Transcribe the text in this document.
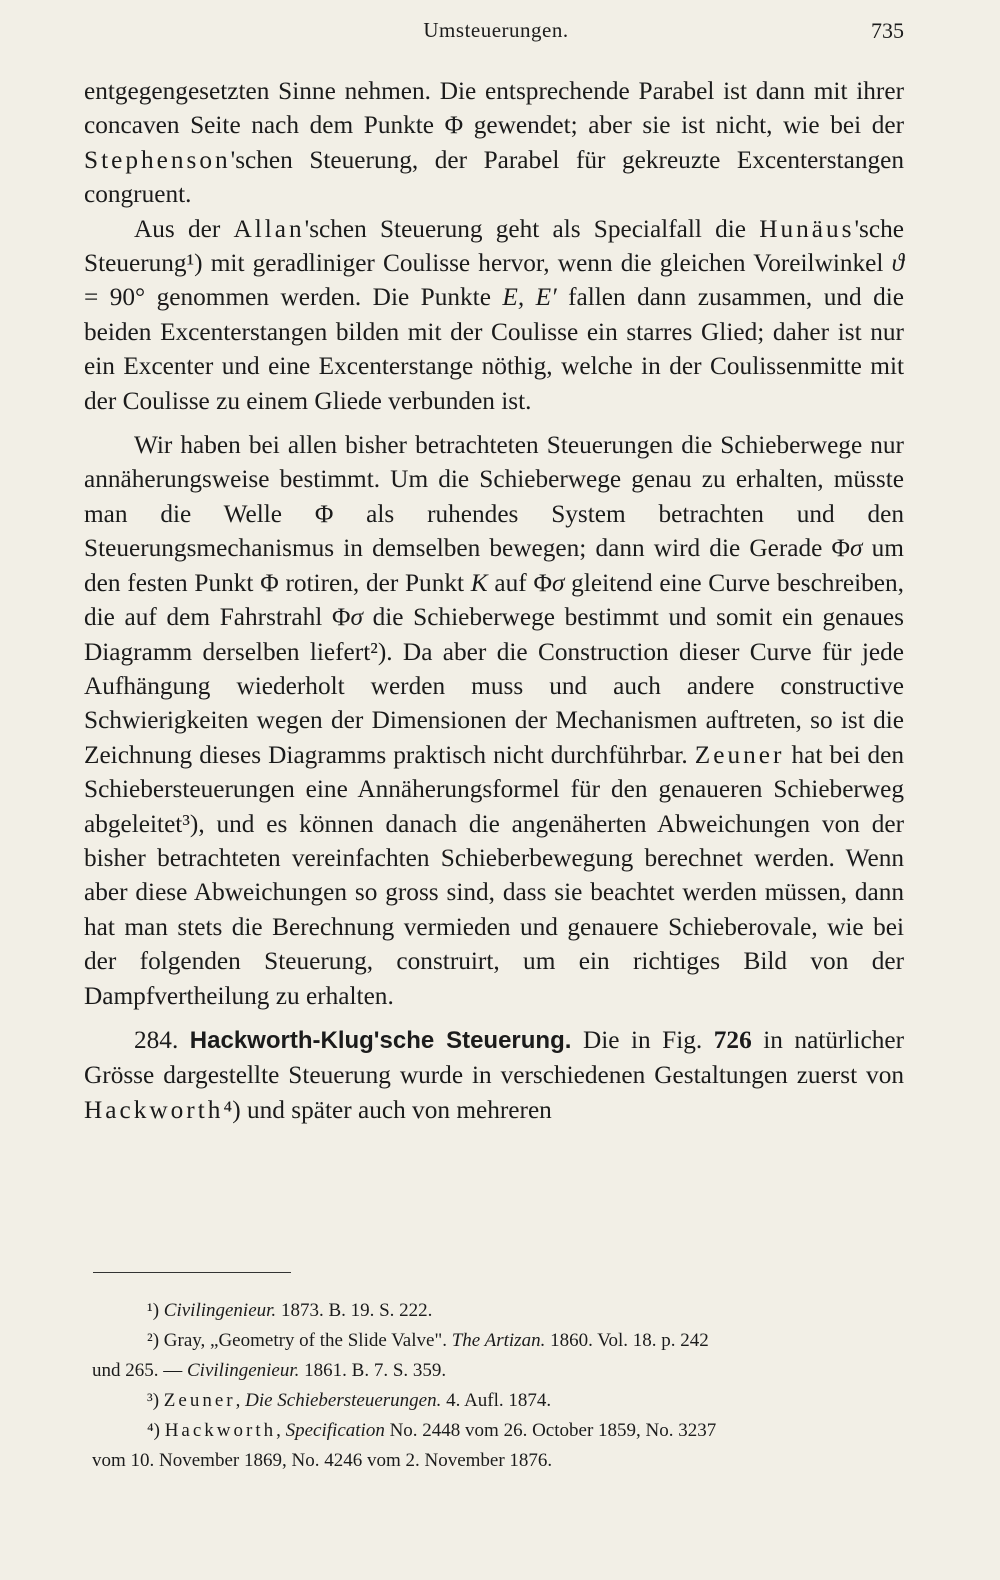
Umsteuerungen.	735

entgegengesetzten Sinne nehmen. Die entsprechende Parabel ist dann mit ihrer concaven Seite nach dem Punkte Φ gewendet; aber sie ist nicht, wie bei der Stephenson'schen Steuerung, der Parabel für gekreuzte Excenterstangen congruent.

Aus der Allan'schen Steuerung geht als Specialfall die Hunäus'sche Steuerung¹) mit geradliniger Coulisse hervor, wenn die gleichen Voreilwinkel ϑ = 90° genommen werden. Die Punkte E, E′ fallen dann zusammen, und die beiden Excenterstangen bilden mit der Coulisse ein starres Glied; daher ist nur ein Excenter und eine Excenterstange nöthig, welche in der Coulissenmitte mit der Coulisse zu einem Gliede verbunden ist.

Wir haben bei allen bisher betrachteten Steuerungen die Schieberwege nur annäherungsweise bestimmt. Um die Schieberwege genau zu erhalten, müsste man die Welle Φ als ruhendes System betrachten und den Steuerungsmechanismus in demselben bewegen; dann wird die Gerade Φσ um den festen Punkt Φ rotiren, der Punkt K auf Φσ gleitend eine Curve beschreiben, die auf dem Fahrstrahl Φσ die Schieberwege bestimmt und somit ein genaues Diagramm derselben liefert²). Da aber die Construction dieser Curve für jede Aufhängung wiederholt werden muss und auch andere constructive Schwierigkeiten wegen der Dimensionen der Mechanismen auftreten, so ist die Zeichnung dieses Diagramms praktisch nicht durchführbar. Zeuner hat bei den Schiebersteuerungen eine Annäherungsformel für den genaueren Schieberweg abgeleitet³), und es können danach die angenäherten Abweichungen von der bisher betrachteten vereinfachten Schieberbewegung berechnet werden. Wenn aber diese Abweichungen so gross sind, dass sie beachtet werden müssen, dann hat man stets die Berechnung vermieden und genauere Schieberovale, wie bei der folgenden Steuerung, construirt, um ein richtiges Bild von der Dampfvertheilung zu erhalten.

284. Hackworth-Klug'sche Steuerung. Die in Fig. 726 in natürlicher Grösse dargestellte Steuerung wurde in verschiedenen Gestaltungen zuerst von Hackworth⁴) und später auch von mehreren

¹) Civilingenieur. 1873. B. 19. S. 222.

²) Gray, „Geometry of the Slide Valve". The Artizan. 1860. Vol. 18. p. 242

und 265. — Civilingenieur. 1861. B. 7. S. 359.

³) Zeuner, Die Schiebersteuerungen. 4. Aufl. 1874.

⁴) Hackworth, Specification No. 2448 vom 26. October 1859, No. 3237

vom 10. November 1869, No. 4246 vom 2. November 1876.
